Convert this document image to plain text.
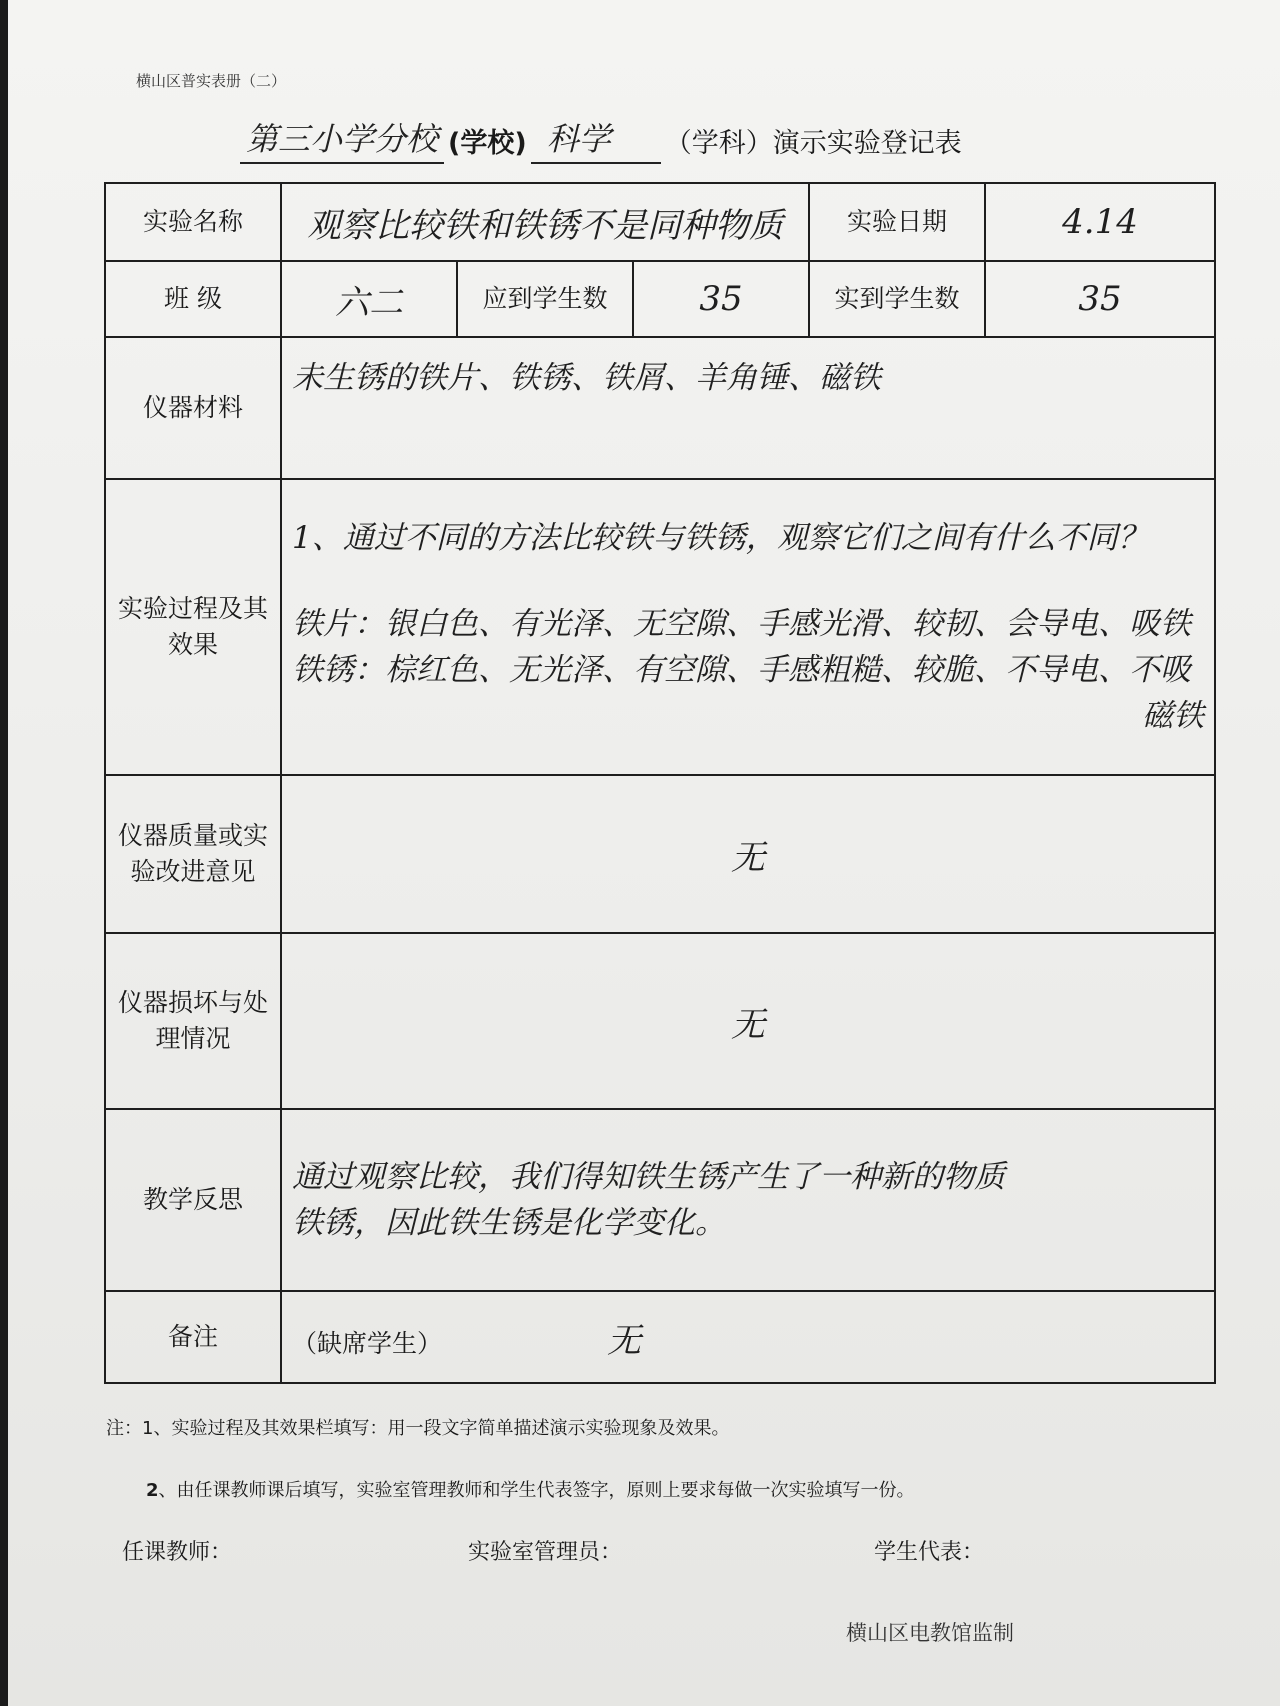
横山区普实表册（二）
第三小学分校 (学校) 科学	（学科）演示实验登记表
实验名称	观察比较铁和铁锈不是同种物质			实验日期	4.14
班 级	六二	应到学生数	35	实到学生数	35
仪器材料	未生锈的铁片、铁锈、铁屑、羊角锤、磁铁				
实验过程及其效果	1、通过不同的方法比较铁与铁锈，观察它们之间有什么不同？

铁片：银白色、有光泽、无空隙、手感光滑、较韧、会导电、吸铁

铁锈：棕红色、无光泽、有空隙、手感粗糙、较脆、不导电、不吸

磁铁				

仪器质量或实验改进意见	无				
仪器损坏与处理情况	无				
教学反思	通过观察比较，我们得知铁生锈产生了一种新的物质

铁锈，因此铁生锈是化学变化。				

备注	（缺席学生） 无				
注：1、实验过程及其效果栏填写：用一段文字简单描述演示实验现象及效果。
2、由任课教师课后填写，实验室管理教师和学生代表签字，原则上要求每做一次实验填写一份。
任课教师：	实验室管理员：	学生代表：
横山区电教馆监制
